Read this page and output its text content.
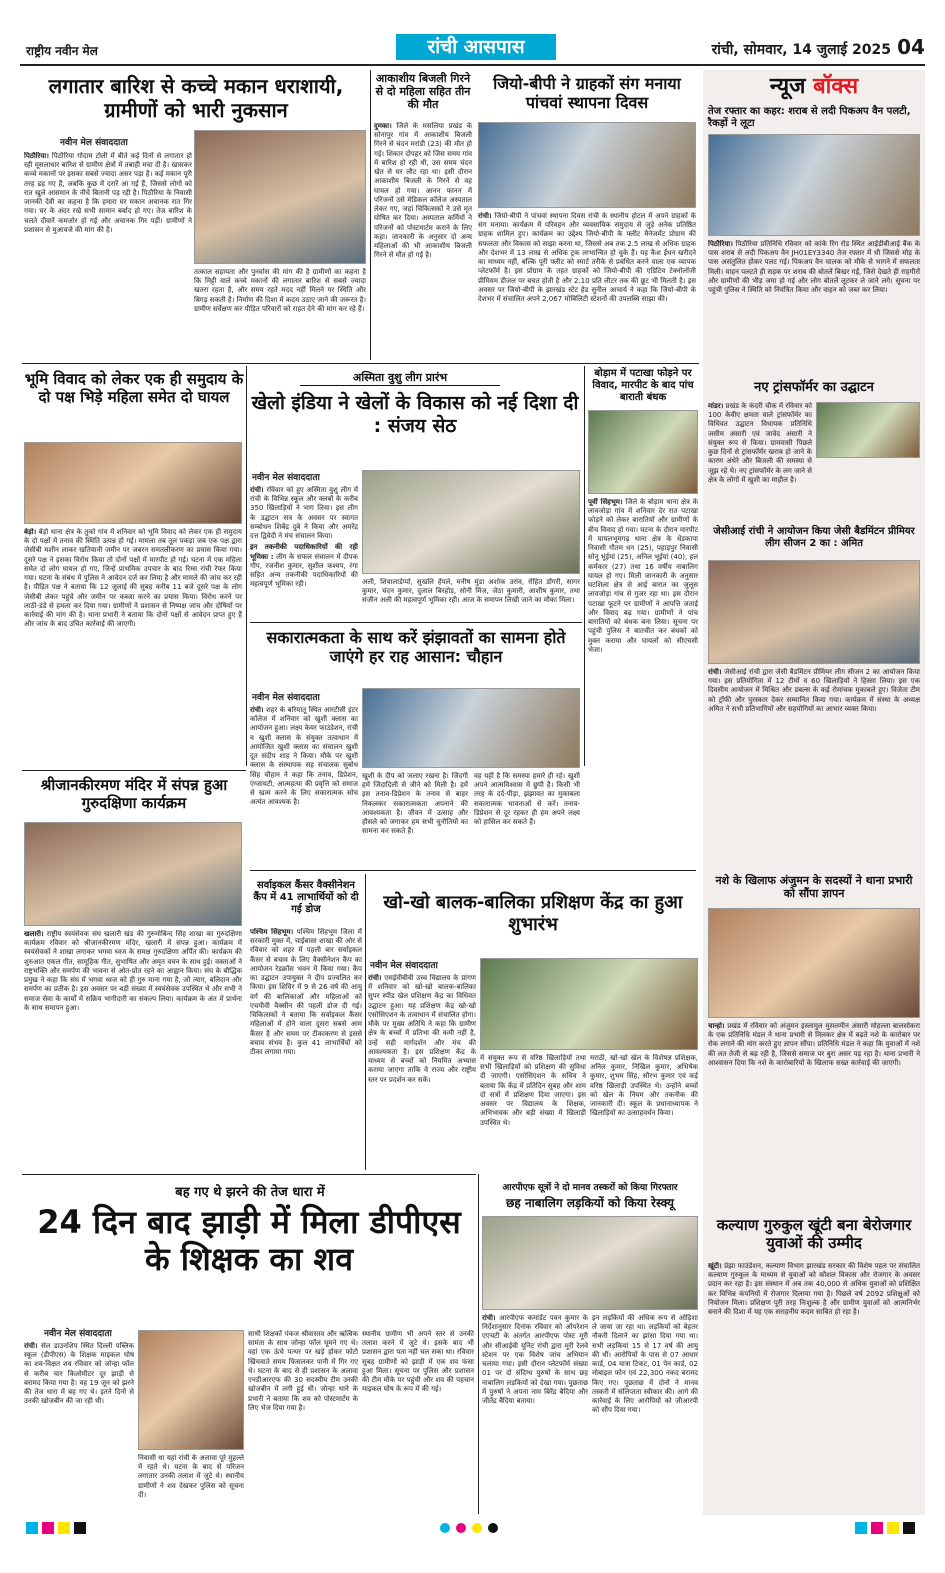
राष्ट्रीय नवीन मेल	रांची आसपास	रांची, सोमवार, 14 जुलाई 2025 04
लगातार बारिश से कच्चे मकान धराशायी, ग्रामीणों को भारी नुकसान
नवीन मेल संवाददाता

पिठौरिया। पिठौरिया गोदाम टोली में बीते कई दिनों से लगातार हो रही मूसलाधार बारिश से ग्रामीण क्षेत्रों में तबाही मचा दी है। खासकर कच्चे मकानों पर इसका सबसे ज्यादा असर पड़ा है। कई मकान पूरी तरह ढह गए हैं, जबकि कुछ में दरारें आ गई हैं, जिससे लोगों को रात खुले आसमान के नीचे बितानी पड़ रही है। पिठौरिया के निवासी जानकी देवी का कहना है कि हमारा घर मकान अचानक रात गिर गया। घर के अंदर रखे सभी सामान बर्बाद हो गए। तेज बारिश के चलते दीवारें कमजोर हो गई और अचानक गिर पड़ीं। ग्रामीणों ने प्रशासन से मुआवजे की मांग की है।

तत्काल सहायता और पुनर्वास की मांग की है ग्रामीणों का कहना है कि मिट्टी वाले कच्चे मकानों की लगातार बारिश से सबसे ज्यादा खतरा रहता है, और समय रहते मदद नहीं मिलने पर स्थिति और बिगड़ सकती है। निर्माण की दिशा में कदम उठाए जाने की जरूरत है। ग्रामीण सर्वेक्षण कर पीड़ित परिवारों को राहत देने की मांग कर रहे हैं।
आकाशीय बिजली गिरने से दो महिला सहित तीन की मौत

दुमका। जिले के मसलिया प्रखंड के सोनापुर गांव में आकाशीय बिजली गिरने से चंदन मरांडी (23) की मौत हो गई। शिकार दोपहर को जिस समय गांव में बारिश हो रही थी, उस समय चंदन खेत से घर लौट रहा था। इसी दौरान आकाशीय बिजली के गिरने से वह घायल हो गया। आनन फानन में परिजनों उसे मेडिकल कॉलेज अस्पताल लेकर गए, जहां चिकित्सकों ने उसे मृत घोषित कर दिया। अस्पताल कर्मियों ने परिजनों को पोस्टमार्टम कराने के लिए कहा। जानकारी के अनुसार दो अन्य महिलाओं की भी आकाशीय बिजली गिरने से मौत हो गई है।

जियो-बीपी ने ग्राहकों संग मनाया पांचवां स्थापना दिवस

रांची। जियो-बीपी ने पांचवां स्थापना दिवस रांची के स्थानीय होटल में अपने ग्राहकों के संग मनाया। कार्यक्रम में परिवहन और व्यवसायिक समुदाय से जुड़े अनेक प्रतिष्ठित ग्राहक शामिल हुए। कार्यक्रम का उद्देश्य जियो-बीपी के फ्लीट मैनेजमेंट प्रोग्राम की सफलता और विकास को साझा करना था, जिससे अब तक 2.5 लाख से अधिक ग्राहक और देशभर में 13 लाख से अधिक ट्रक लाभान्वित हो चुके हैं। यह कैश ईंधन खरीदने का माध्यम नहीं, बल्कि पूरी फ्लीट को स्मार्ट तरीके से प्रबंधित करने वाला एक व्यापक प्लेटफॉर्म है। इस प्रोग्राम के तहत ग्राहकों को जियो-बीपी की एडिटिव टेक्नोलॉजी प्रीमियम डीजल पर बचत होती है और 2.10 प्रति लीटर तक की छूट भी मिलती है। इस अवसर पर जियो-बीपी के झारखंड स्टेट हेड सुनील आचार्य ने कहा कि जियो-बीपी के देशभर में संचालित अपने 2,067 मोबिलिटी स्टेशनों की उपलब्धि साझा की।

भूमि विवाद को लेकर एक ही समुदाय के दो पक्ष भिड़े महिला समेत दो घायल

बेड़ो। बेड़ो थाना क्षेत्र के तुको गांव में शनिवार को भूमि विवाद को लेकर एक ही समुदाय के दो पक्षों में तनाव की स्थिति उत्पन्न हो गई। मामला तब तूल पकड़ा जब एक पक्ष द्वारा जेसीबी मशीन लाकर खतियानी जमीन पर जबरन समतलीकरण का प्रयास किया गया। दूसरे पक्ष ने इसका विरोध किया तो दोनों पक्षों में मारपीट हो गई। घटना में एक महिला समेत दो लोग घायल हो गए, जिन्हें प्राथमिक उपचार के बाद रिम्स रांची रेफर किया गया। घटना के संबंध में पुलिस ने आवेदन दर्ज कर लिया है और मामले की जांच कर रही है। पीड़ित पक्ष ने बताया कि 12 जुलाई की सुबह करीब 11 बजे दूसरे पक्ष के लोग जेसीबी लेकर पहुंचे और जमीन पर कब्जा करने का प्रयास किया। विरोध करने पर लाठी-डंडे से हमला कर दिया गया। ग्रामीणों ने प्रशासन से निष्पक्ष जांच और दोषियों पर कार्रवाई की मांग की है। थाना प्रभारी ने बताया कि दोनों पक्षों से आवेदन प्राप्त हुए हैं और जांच के बाद उचित कार्रवाई की जाएगी।

अस्मिता वुशु लीग प्रारंभ
खेलो इंडिया ने खेलों के विकास को नई दिशा दी : संजय सेठ
नवीन मेल संवाददाता

रांची। रविवार को हुए अस्मिता वुशु लीग में रांची के विभिन्न स्कूल और क्लबों के करीब 350 खिलाड़ियों ने भाग लिया। इस लीग के उद्घाटन सत्र के अवसर पर स्वागत सम्बोधन शिबेंद्र दुबे ने किया और अमरेंद्र दत्त द्विवेदी ने मंच संचालन किया।

इन तकनीकी पदाधिकारियों की रही भूमिका : लीग के सफल संचालन में दीपक गौप, रजनीश कुमार, सुशील कश्यप, रंगा सहित अन्य तकनीकी पदाधिकारियों की महत्वपूर्ण भूमिका रही।	अली, शिवालाडेप्पो, सुखलि हेंपले, मनीष मुंडा अशोक उरांव, रोहित डोंगरी, सागर कुमार, चंदन कुमार, दुलाल बिरहोड़, सोनी मिंज, जेठा कुमारी, आशीष कुमार, तथा संजीन अली की महत्वपूर्ण भूमिका रही। आज के समापन लिखी जाने का मौका मिला।
बोड़ाम में पटाखा फोड़ने पर विवाद, मारपीट के बाद पांच बाराती बंधक

पूर्वी सिंहभूम। जिले के बोड़ाम थाना क्षेत्र के लावजोड़ा गांव में शनिवार देर रात पटाखा फोड़ने को लेकर बारातियों और ग्रामीणों के बीच विवाद हो गया। घटना के दौरान मारपीट में घायलभूमगढ़ थाना क्षेत्र के धेंडकापा निवासी गौतम धन (25), पहाड़पुर निवासी सोनू भूंईयां (25), अनिल भूईयां (40), हल कर्मकार (27) तथा 16 वर्षीय नाबालिग घायल हो गए। मिली जानकारी के अनुसार घटशिला क्षेत्र से आई बारात का जुलूस लावजोड़ा गांव से गुजर रहा था। इस दौरान पटाखा फूटने पर ग्रामीणों ने आपत्ति जताई और विवाद बढ़ गया। ग्रामीणों ने पांच बारातियों को बंधक बना लिया। सूचना पर पहुंची पुलिस ने बातचीत कर बंधकों को मुक्त कराया और घायलों को सीएचसी भेजा।

सकारात्मकता के साथ करें झंझावतों का सामना होते जाएंगे हर राह आसान: चौहान
नवीन मेल संवाददाता

रांची। शहर के बरियातू स्थित आरटीसी इंटर कॉलेज में शनिवार को खुशी क्लास का आयोजन हुआ। लक्ष्य केयर फाउंडेशन, रांची व खुशी क्लास के संयुक्त तत्वाधान में आयोजित खुशी क्लास का संचालन खुशी दूत संदीप शाह ने किया। मौके पर खुशी क्लास के संस्थापक सह संचालक सुबोध सिंह चौहान ने कहा कि तनाव, डिप्रेशन, एंग्जायटी, आत्महत्या की प्रवृत्ति को समाज से खत्म करने के लिए सकारात्मक सोच अत्यंत आवश्यक है।

खुशी के दीप को जलाए रखना है। जिंदगी हमें जिंदादिली से जीने को मिली है। हमें इस तनाव-डिप्रेशन के तनाव से बाहर निकलकर सकारात्मकता अपनाने की आवश्यकता है। जीवन में उत्साह और हौसले को जगाकर हम सभी चुनौतियों का सामना कर सकते हैं।
वह यहीं है कि समस्या हमारे ही रहे। खुशी अपने आत्मविश्वास में छुपी है। किसी भी तरह के दर्द-पीड़ा, झंझावत का मुकाबला सकारात्मक भावनाओं से करें। तनाव-डिप्रेशन से दूर रहकर ही हम अपने लक्ष्य को हासिल कर सकते हैं।
श्रीजानकीरमण मंदिर में संपन्न हुआ गुरुदक्षिणा कार्यक्रम

खलारी। राष्ट्रीय स्वयंसेवक संघ खलारी खंड की गुरुमोबिन्द सिंह शाखा का गुरुदक्षिणा कार्यक्रम रविवार को श्रीजानकीरमण मंदिर, खलारी में संपन्न हुआ। कार्यक्रम में स्वयंसेवकों ने शाखा लगाकर भगवा ध्वज के समक्ष गुरुदक्षिणा अर्पित की। कार्यक्रम की शुरुआत एकल गीत, सामूहिक गीत, सुभाषित और अमृत वचन के साथ हुई। वक्ताओं ने राष्ट्रभक्ति और समर्पण की भावना से ओत-प्रोत रहने का आह्वान किया। संघ के बौद्धिक प्रमुख ने कहा कि संघ में भगवा ध्वज को ही गुरु माना गया है, जो त्याग, बलिदान और समर्पण का प्रतीक है। इस अवसर पर बड़ी संख्या में स्वयंसेवक उपस्थित थे और सभी ने समाज सेवा के कार्यों में सक्रिय भागीदारी का संकल्प लिया। कार्यक्रम के अंत में प्रार्थना के साथ समापन हुआ।

सर्वाइकल कैंसर वैक्सीनेशन कैंप में 41 लाभार्थियों को दी गई डोज

पश्चिम सिंहभूम। पश्चिम सिंहभूम जिला में सरकारी मुक्त में, चाईबासा शाखा की ओर से रविवार को शहर में पहली बार सर्वाइकल कैंसर से बचाव के लिए वैक्सीनेशन कैंप का आयोजन रेडक्रॉस भवन में किया गया। कैंप का उद्घाटन उपायुक्त ने दीप प्रज्वलित कर किया। इस शिविर में 9 से 26 वर्ष की आयु वर्ग की बालिकाओं और महिलाओं को एचपीवी वैक्सीन की पहली डोज दी गई। चिकित्सकों ने बताया कि सर्वाइकल कैंसर महिलाओं में होने वाला दूसरा सबसे आम कैंसर है और समय पर टीकाकरण से इससे बचाव संभव है। कुल 41 लाभार्थियों को टीका लगाया गया।

खो-खो बालक-बालिका प्रशिक्षण केंद्र का हुआ शुभारंभ
नवीन मेल संवाददाता

रांची। एसईवीबीवी उच्च विद्यालय के प्रांगण में शनिवार को खो-खो बालक-बालिका सुपर स्पीड खेल प्रशिक्षण केंद्र का विधिवत उद्घाटन हुआ। यह प्रशिक्षण केंद्र खो-खो एसोसिएशन के तत्वाधान में संचालित होगा। मौके पर मुख्य अतिथि ने कहा कि ग्रामीण क्षेत्र के बच्चों में प्रतिभा की कमी नहीं है, उन्हें सही मार्गदर्शन और मंच की आवश्यकता है। इस प्रशिक्षण केंद्र के माध्यम से बच्चों को नियमित अभ्यास कराया जाएगा ताकि वे राज्य और राष्ट्रीय स्तर पर प्रदर्शन कर सकें।

में संयुक्त रूप से वरिष्ठ खिलाड़ियों तथा सभी खिलाड़ियों को प्रशिक्षण की सुविधा दी जाएगी। एसोसिएशन के सचिव ने बताया कि केंद्र में प्रतिदिन सुबह और शाम दो सत्रों में प्रशिक्षण दिया जाएगा। इस अवसर पर विद्यालय के शिक्षक, अभिभावक और बड़ी संख्या में खिलाड़ी उपस्थित थे।
मराठी, खो-खो खेल के विशेषज्ञ प्रशिक्षक, अनिल कुमार, निखिल कुमार, अभिषेक कुमार, शुभम सिंह, सौरभ कुमार एवं कई वरिष्ठ खिलाड़ी उपस्थित थे। उन्होंने बच्चों को खेल के नियम और तकनीक की जानकारी दी। स्कूल के प्रधानाध्यापक ने खिलाड़ियों का उत्साहवर्धन किया।
बह गए थे झरने की तेज धारा में
24 दिन बाद झाड़ी में मिला डीपीएस के शिक्षक का शव
नवीन मेल संवाददाता

रांची। सेल डाउनशिप स्थित दिल्ली पब्लिक स्कूल (डीपीएस) के शिक्षक माइकल घोष का शव-विक्षत शव रविवार को जोन्हा फॉल से करीब चार किलोमीटर दूर झाड़ी से बरामद किया गया है। वह 19 जून को झरने की तेज धारा में बह गए थे। इतने दिनों से उनकी खोजबीन की जा रही थी।

निवासी था यहां रांची के अलावा पूरे मुहल्ले में रहते थे। घटना के बाद से परिजन लगातार उनकी तलाश में जुटे थे। स्थानीय ग्रामीणों ने शव देखकर पुलिस को सूचना दी।
साथी शिक्षकों पंकज श्रीवास्तव और ऋत्विक सामंता के साथ जोन्हा फॉल घूमने गए थे। वहां एक ऊंचे पत्थर पर खड़े होकर फोटो खिंचवाते समय फिसलकर पानी में गिर गए थे। घटना के बाद से ही प्रशासन के अलावा एनडीआरएफ की 30 सदस्यीय टीम उनकी खोजबीन में लगी हुई थी। जोन्हा थाने के प्रभारी ने बताया कि शव को पोस्टमार्टम के लिए भेज दिया गया है।
स्थानीय ग्रामीण भी अपने स्तर से उनकी तलाश करने में जुटे थे। इसके बाद भी प्रशासन द्वारा पता नहीं चल सका था। रविवार सुबह ग्रामीणों को झाड़ी में एक शव फंसा हुआ मिला। सूचना पर पुलिस और प्रशासन की टीम मौके पर पहुंची और शव की पहचान माइकल घोष के रूप में की गई।
आरपीएफ सूत्रों ने दो मानव तस्करों को किया गिरफ्तार
छह नाबालिग लड़कियों को किया रेस्क्यू

रांची। आरपीएफ कमांडेंट पवन कुमार के निर्देशानुसार दिनांक रविवार को ऑपरेशन एएचटी के अंतर्गत आरपीएफ पोस्ट मूरी और सीआईबी यूनिट रांची द्वारा मूरी रेलवे स्टेशन पर एक विशेष जांच अभियान चलाया गया। इसी दौरान प्लेटफॉर्म संख्या 01 पर दो संदिग्ध पुरुषों के साथ छह नाबालिग लड़कियों को देखा गया। पूछताछ में पुरुषों ने अपना नाम बिरेंद्र बैदिया और जीतेंद्र बैदिया बताया।

इन लड़कियों की अधिक रूप से ओड़िशा ले जाया जा रहा था। लड़कियों को बेहतर नौकरी दिलाने का झांसा दिया गया था। सभी लड़कियां 15 से 17 वर्ष की आयु की थीं। आरोपियों के पास से 07 आधार कार्ड, 04 यात्रा टिकट, 01 पेन कार्ड, 02 मोबाइल फोन एवं 22,300 नकद बरामद किए गए। पूछताछ में दोनों ने मानव तस्करी में संलिप्तता स्वीकार की। आगे की कार्रवाई के लिए आरोपियों को जीआरपी को सौंप दिया गया।
न्यूज बॉक्स
तेज रफ्तार का कहर: शराब से लदी पिकअप वैन पलटी, रैकड़ों ने लूटा

पिठौरिया। पिठौरिया प्रतिनिधि रविवार को कांके रिंग रोड स्थित आईडीबीआई बैंक के पास शराब से लदी पिकअप वैन JH01EY3340 तेज रफ्तार में थी जिससे मोड़ के पास असंतुलित होकर पलट गई। पिकअप वैन चालक को मौके से भागने में सफलता मिली। वाहन पलटते ही सड़क पर शराब की बोतलें बिखर गईं, जिसे देखते ही राहगीरों और ग्रामीणों की भीड़ जमा हो गई और लोग बोतलें लूटकर ले जाने लगे। सूचना पर पहुंची पुलिस ने स्थिति को नियंत्रित किया और वाहन को जब्त कर लिया।

नए ट्रांसफॉर्मर का उद्घाटन

मांडर। प्रखंड के कंदरी चौक में रविवार को 100 केवीए क्षमता वाले ट्रांसफॉर्मर का विधिवत उद्घाटन विधायक प्रतिनिधि जसीम अंसारी एवं जावेद अंसारी ने संयुक्त रूप से किया। ग्रामवासी पिछले कुछ दिनों से ट्रांसफॉर्मर खराब हो जाने के कारण अंधेरे और बिजली की समस्या से जूझ रहे थे। नए ट्रांसफॉर्मर के लग जाने से क्षेत्र के लोगों में खुशी का माहौल है।

जेसीआई रांची ने आयोजन किया जेसी बैडमिंटन प्रीमियर लीग सीजन 2 का : अमित

रांची। जेसीआई रांची द्वारा जेसी बैडमिंटन प्रीमियर लीग सीजन 2 का आयोजन किया गया। इस प्रतियोगिता में 12 टीमों व 60 खिलाड़ियों ने हिस्सा लिया। इस एक दिवसीय आयोजन में मिश्रित और डबल्स के कई रोमांचक मुकाबले हुए। विजेता टीम को ट्रॉफी और पुरस्कार देकर सम्मानित किया गया। कार्यक्रम में संस्था के अध्यक्ष अमित ने सभी प्रतिभागियों और सहयोगियों का आभार व्यक्त किया।

नशे के खिलाफ अंजुमन के सदस्यों ने थाना प्रभारी को सौंपा ज्ञापन

चान्हो। प्रखंड में रविवार को अंजुमन इस्लामुल मुसलमीन अंसारी मोहल्ला बालसोकरा के एक प्रतिनिधि मंडल ने थाना प्रभारी से मिलकर क्षेत्र में बढ़ते नशे के कारोबार पर रोक लगाने की मांग करते हुए ज्ञापन सौंपा। प्रतिनिधि मंडल ने कहा कि युवाओं में नशे की लत तेजी से बढ़ रही है, जिससे समाज पर बुरा असर पड़ रहा है। थाना प्रभारी ने आश्वासन दिया कि नशे के कारोबारियों के खिलाफ सख्त कार्रवाई की जाएगी।

कल्याण गुरुकुल खूंटी बना बेरोजगार युवाओं की उम्मीद

खूंटी। प्रेझा फाउंडेशन, कल्याण विभाग झारखंड सरकार की विशेष पहल पर संचालित कल्याण गुरुकुल के माध्यम से युवाओं को कौशल विकास और रोजगार के अवसर प्रदान कर रहा है। इस संस्थान में अब तक 40,000 से अधिक युवाओं को प्रशिक्षित कर विभिन्न कंपनियों में रोजगार दिलाया गया है। पिछले वर्ष 2092 प्रशिक्षुओं को नियोजन मिला। प्रशिक्षण पूरी तरह निःशुल्क है और ग्रामीण युवाओं को आत्मनिर्भर बनाने की दिशा में यह एक सराहनीय कदम साबित हो रहा है।
